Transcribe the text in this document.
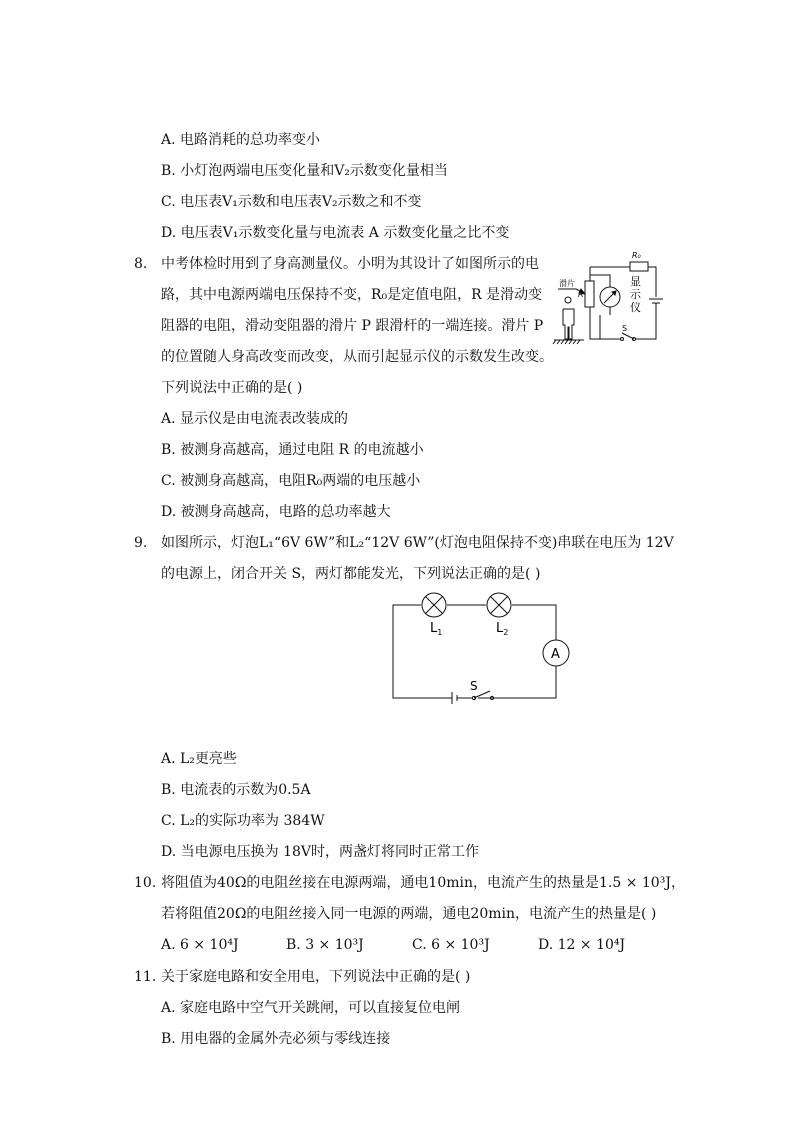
A. 电路消耗的总功率变小
B. 小灯泡两端电压变化量和V₂示数变化量相当
C. 电压表V₁示数和电压表V₂示数之和不变
D. 电压表V₁示数变化量与电流表 A 示数变化量之比不变
8. 中考体检时用到了身高测量仪。小明为其设计了如图所示的电
路，其中电源两端电压保持不变，R₀是定值电阻，R 是滑动变
阻器的电阻，滑动变阻器的滑片 P 跟滑杆的一端连接。滑片 P
的位置随人身高改变而改变，从而引起显示仪的示数发生改变。
下列说法中正确的是( )
滑片
R₀
R
显
示
仪
S
A. 显示仪是由电流表改装成的
B. 被测身高越高，通过电阻 R 的电流越小
C. 被测身高越高，电阻R₀两端的电压越小
D. 被测身高越高，电路的总功率越大
9. 如图所示，灯泡L₁“6V 6W”和L₂“12V 6W”(灯泡电阻保持不变)串联在电压为 12V
的电源上，闭合开关 S，两灯都能发光，下列说法正确的是( )
$L_1$	$L_2$
A
S
A. L₂更亮些
B. 电流表的示数为0.5A
C. L₂的实际功率为 384W
D. 当电源电压换为 18V时，两盏灯将同时正常工作
10. 将阻值为40Ω的电阻丝接在电源两端，通电10min，电流产生的热量是1.5 × 10³J，
若将阻值20Ω的电阻丝接入同一电源的两端，通电20min，电流产生的热量是( )
A. 6 × 10⁴J	B. 3 × 10³J	C. 6 × 10³J	D. 12 × 10⁴J
11. 关于家庭电路和安全用电，下列说法中正确的是( )
A. 家庭电路中空气开关跳闸，可以直接复位电闸
B. 用电器的金属外壳必须与零线连接
